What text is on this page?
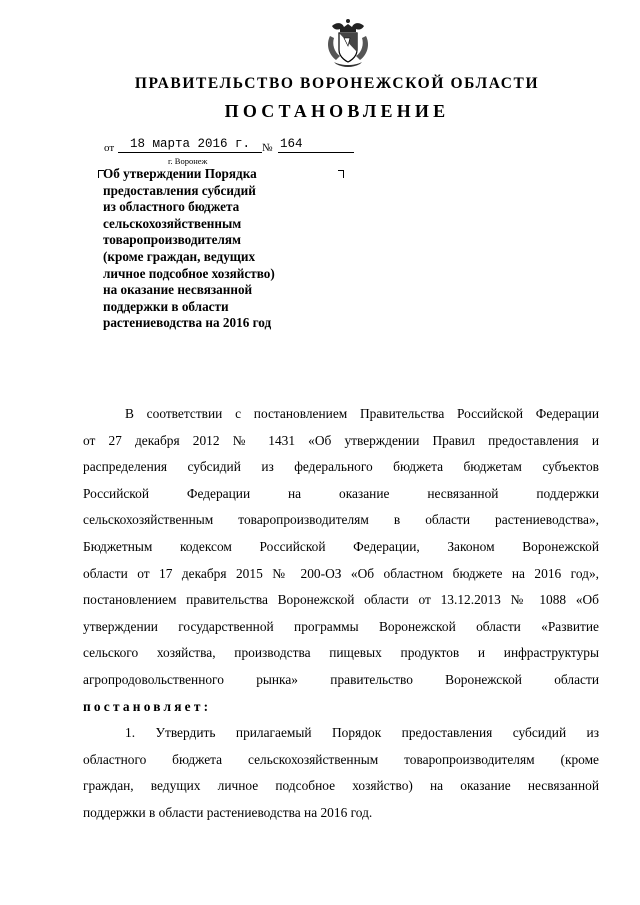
ПРАВИТЕЛЬСТВО ВОРОНЕЖСКОЙ ОБЛАСТИ
ПОСТАНОВЛЕНИЕ
от	18 марта 2016 г.	№ 164
г. Воронеж
Об утверждении Порядка
предоставления субсидий
из областного бюджета
сельскохозяйственным
товаропроизводителям
(кроме граждан, ведущих
личное подсобное хозяйство)
на оказание несвязанной
поддержки в области
растениеводства на 2016 год
В соответствии с постановлением Правительства Российской Федерации
от 27 декабря 2012 № 1431 «Об утверждении Правил предоставления и
распределения субсидий из федерального бюджета бюджетам субъектов
Российской Федерации на оказание несвязанной поддержки
сельскохозяйственным товаропроизводителям в области растениеводства»,
Бюджетным кодексом Российской Федерации, Законом Воронежской
области от 17 декабря 2015 № 200-ОЗ «Об областном бюджете на 2016 год»,
постановлением правительства Воронежской области от 13.12.2013 № 1088 «Об
утверждении государственной программы Воронежской области «Развитие
сельского хозяйства, производства пищевых продуктов и инфраструктуры
агропродовольственного рынка» правительство Воронежской области
постановляет:
1. Утвердить прилагаемый Порядок предоставления субсидий из
областного бюджета сельскохозяйственным товаропроизводителям (кроме
граждан, ведущих личное подсобное хозяйство) на оказание несвязанной
поддержки в области растениеводства на 2016 год.
